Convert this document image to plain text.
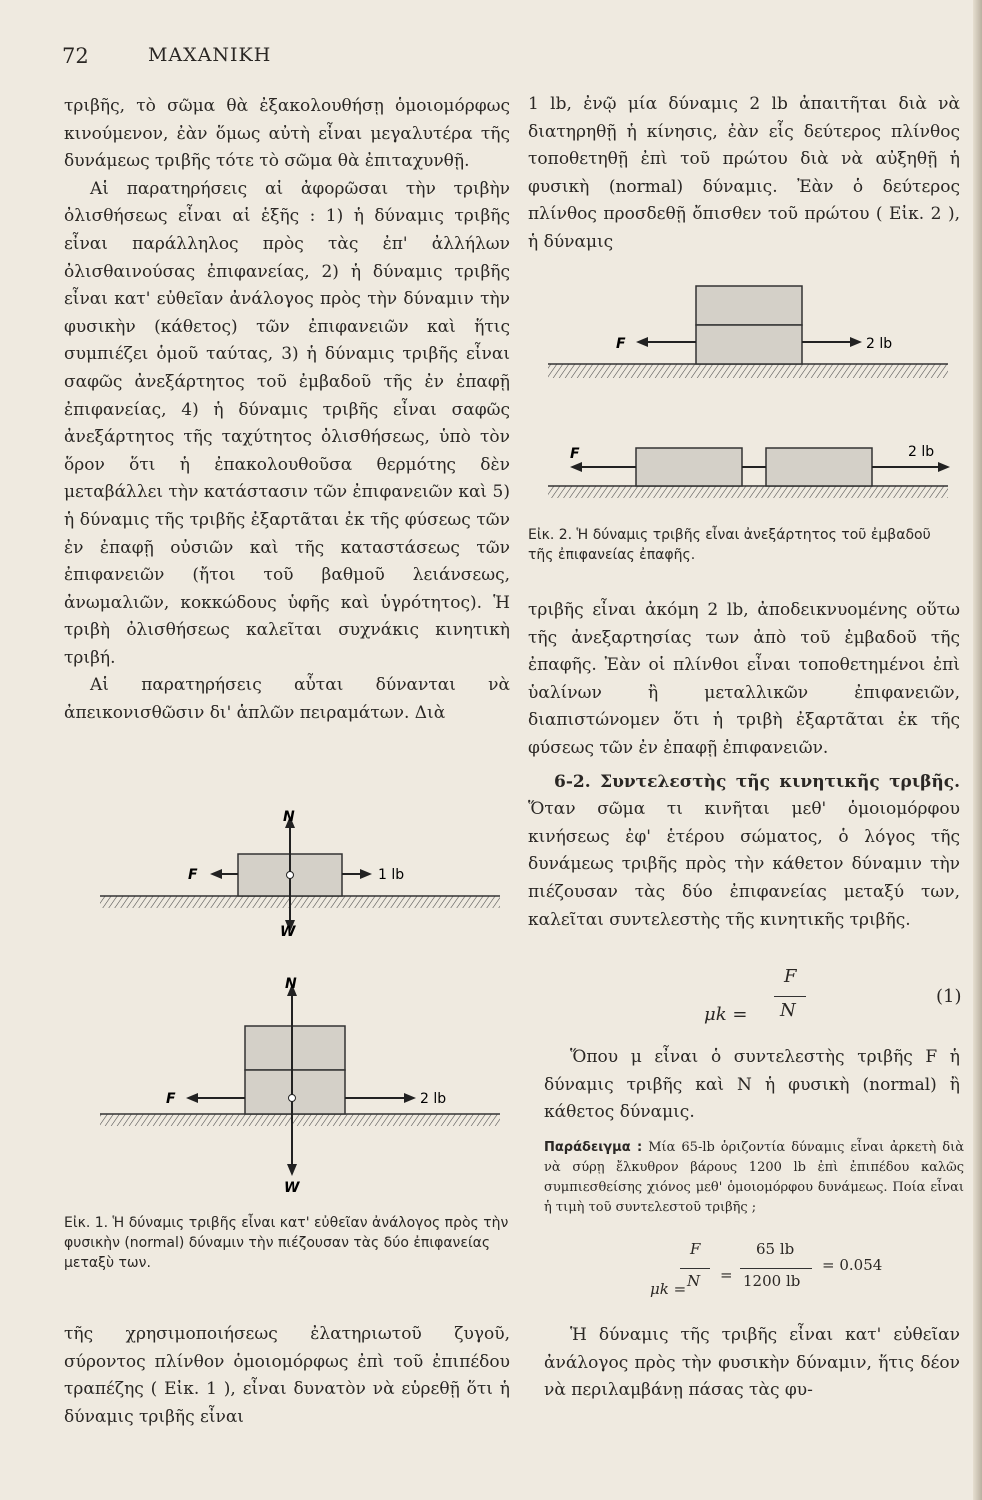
72	ΜΑΧΑΝΙΚΗ

τριβῆς, τὸ σῶμα θὰ ἐξακολουθήσῃ ὁμοιομόρφως κινούμενον, ἐὰν ὅμως αὐτὴ εἶναι μεγαλυτέρα τῆς δυνάμεως τριβῆς τότε τὸ σῶμα θὰ ἐπιταχυνθῇ.

Αἱ παρατηρήσεις αἱ ἀφορῶσαι τὴν τριβὴν ὀλισθήσεως εἶναι αἱ ἑξῆς : 1) ἡ δύναμις τριβῆς εἶναι παράλληλος πρὸς τὰς ἐπ' ἀλλήλων ὀλισθαινούσας ἐπιφανείας, 2) ἡ δύναμις τριβῆς εἶναι κατ' εὐθεῖαν ἀνάλογος πρὸς τὴν δύναμιν τὴν φυσικὴν (κάθετος) τῶν ἐπιφανειῶν καὶ ἥτις συμπιέζει ὁμοῦ ταύτας, 3) ἡ δύναμις τριβῆς εἶναι σαφῶς ἀνεξάρτητος τοῦ ἐμβαδοῦ τῆς ἐν ἐπαφῇ ἐπιφανείας, 4) ἡ δύναμις τριβῆς εἶναι σαφῶς ἀνεξάρτητος τῆς ταχύτητος ὀλισθήσεως, ὑπὸ τὸν ὅρον ὅτι ἡ ἐπακολουθοῦσα θερμότης δὲν μεταβάλλει τὴν κατάστασιν τῶν ἐπιφανειῶν καὶ 5) ἡ δύναμις τῆς τριβῆς ἐξαρτᾶται ἐκ τῆς φύσεως τῶν ἐν ἐπαφῇ οὐσιῶν καὶ τῆς καταστάσεως τῶν ἐπιφανειῶν (ἤτοι τοῦ βαθμοῦ λειάνσεως, ἀνωμαλιῶν, κοκκώδους ὑφῆς καὶ ὑγρότητος). Ἡ τριβὴ ὀλισθήσεως καλεῖται συχνάκις κινητικὴ τριβή.

Αἱ παρατηρήσεις αὗται δύνανται νὰ ἀπεικονισθῶσιν δι' ἁπλῶν πειραμάτων. Διὰ

N
F
W
1 lb
N
F
W
2 lb
Εἰκ. 1. Ἡ δύναμις τριβῆς εἶναι κατ' εὐθεῖαν ἀνάλογος πρὸς τὴν φυσικὴν (normal) δύναμιν τὴν πιέζουσαν τὰς δύο ἐπιφανείας μεταξὺ των.

τῆς χρησιμοποιήσεως ἐλατηριωτοῦ ζυγοῦ, σύροντος πλίνθον ὁμοιομόρφως ἐπὶ τοῦ ἐπιπέδου τραπέζης ( Εἰκ. 1 ), εἶναι δυνατὸν νὰ εὑρεθῇ ὅτι ἡ δύναμις τριβῆς εἶναι

1 lb, ἐνῷ μία δύναμις 2 lb ἀπαιτῆται διὰ νὰ διατηρηθῇ ἡ κίνησις, ἐὰν εἷς δεύτερος πλίνθος τοποθετηθῇ ἐπὶ τοῦ πρώτου διὰ νὰ αὐξηθῇ ἡ φυσικὴ (normal) δύναμις. Ἐὰν ὁ δεύτερος πλίνθος προσδεθῇ ὄπισθεν τοῦ πρώτου ( Εἰκ. 2 ), ἡ δύναμις

F	2 lb
F	2 lb
Εἰκ. 2. Ἡ δύναμις τριβῆς εἶναι ἀνεξάρτητος τοῦ ἐμβαδοῦ τῆς ἐπιφανείας ἐπαφῆς.

τριβῆς εἶναι ἀκόμη 2 lb, ἀποδεικνυομένης οὕτω τῆς ἀνεξαρτησίας των ἀπὸ τοῦ ἐμβαδοῦ τῆς ἐπαφῆς. Ἐὰν οἱ πλίνθοι εἶναι τοποθετημένοι ἐπὶ ὑαλίνων ἢ μεταλλικῶν ἐπιφανειῶν, διαπιστώνομεν ὅτι ἡ τριβὴ ἐξαρτᾶται ἐκ τῆς φύσεως τῶν ἐν ἐπαφῇ ἐπιφανειῶν.

6-2. Συντελεστὴς τῆς κινητικῆς τριβῆς. Ὅταν σῶμα τι κινῆται μεθ' ὁμοιομόρφου κινήσεως ἐφ' ἑτέρου σώματος, ὁ λόγος τῆς δυνάμεως τριβῆς πρὸς τὴν κάθετον δύναμιν τὴν πιέζουσαν τὰς δύο ἐπιφανείας μεταξύ των, καλεῖται συντελεστὴς τῆς κινητικῆς τριβῆς.

μk =
F
N
(1)

Ὅπου μ εἶναι ὁ συντελεστὴς τριβῆς F ἡ δύναμις τριβῆς καὶ N ἡ φυσικὴ (normal) ἢ κάθετος δύναμις.

Παράδειγμα : Μία 65-lb ὁριζοντία δύναμις εἶναι ἀρκετὴ διὰ νὰ σύρῃ ἔλκυθρον βάρους 1200 lb ἐπὶ ἐπιπέδου καλῶς συμπιεσθείσης χιόνος μεθ' ὁμοιομόρφου δυνάμεως. Ποία εἶναι ἡ τιμὴ τοῦ συντελεστοῦ τριβῆς ;

μk =
F
N =
65 lb
1200 lb
= 0.054

Ἡ δύναμις τῆς τριβῆς εἶναι κατ' εὐθεῖαν ἀνάλογος πρὸς τὴν φυσικὴν δύναμιν, ἥτις δέον νὰ περιλαμβάνῃ πάσας τὰς φυ-
